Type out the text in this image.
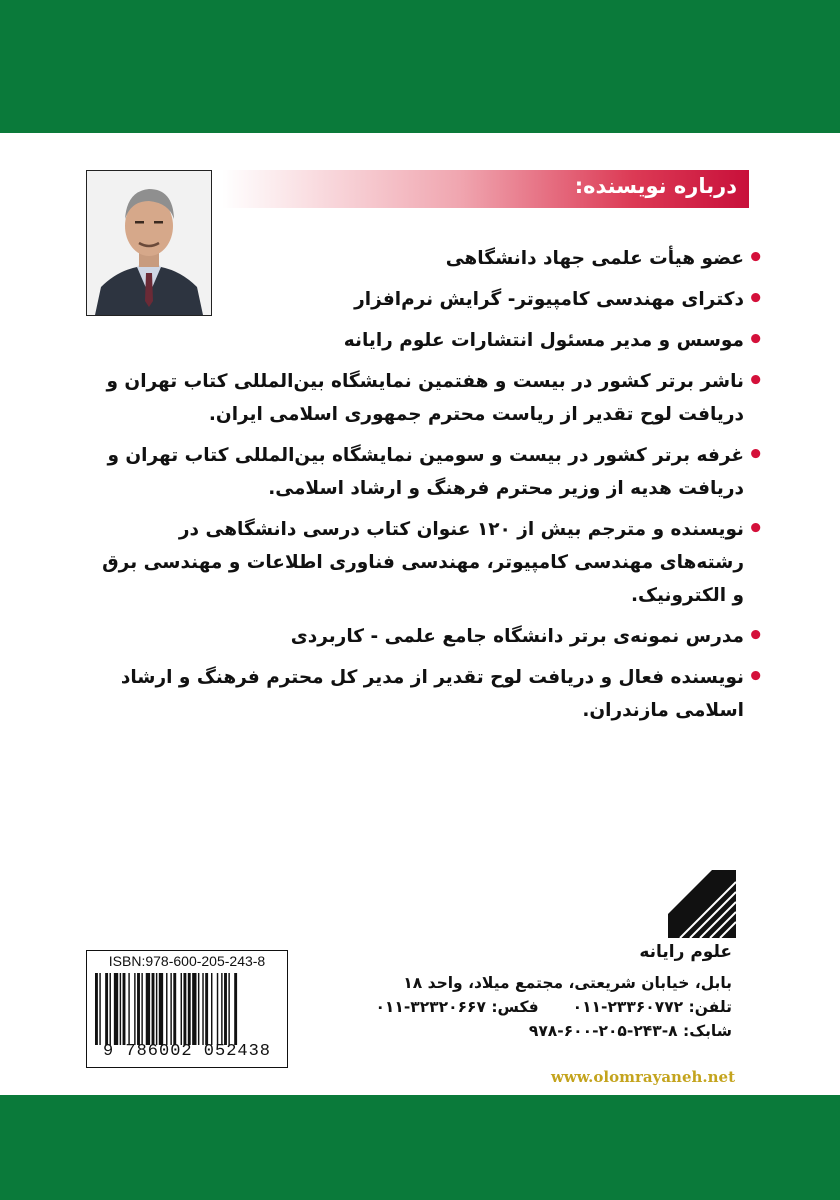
درباره نویسنده:
• عضو هیأت علمی جهاد دانشگاهی
• دکترای مهندسی کامپیوتر- گرایش نرم‌افزار
• موسس و مدیر مسئول انتشارات علوم رایانه
• ناشر برتر کشور در بیست و هفتمین نمایشگاه بین‌المللی کتاب تهران و دریافت لوح تقدیر از ریاست محترم جمهوری اسلامی ایران.
• غرفه برتر کشور در بیست و سومین نمایشگاه بین‌المللی کتاب تهران و دریافت هدیه از وزیر محترم فرهنگ و ارشاد اسلامی.
• نویسنده و مترجم بیش از ۱۲۰ عنوان کتاب درسی دانشگاهی در رشته‌های مهندسی کامپیوتر، مهندسی فناوری اطلاعات و مهندسی برق و الکترونیک.
• مدرس نمونه‌ی برتر دانشگاه جامع علمی - کاربردی
• نویسنده فعال و دریافت لوح تقدیر از مدیر کل محترم فرهنگ و ارشاد اسلامی مازندران.
علوم رایانه
بابل، خیابان شریعتی، مجتمع میلاد، واحد ۱۸
تلفن: ۲۳۳۶۰۷۷۲-۰۱۱
فکس: ۳۲۳۲۰۶۶۷-۰۱۱
شابک: ۸-۲۴۳-۲۰۵-۶۰۰-۹۷۸
www.olomrayaneh.net
ISBN:978-600-205-243-8
9 786002 052438
